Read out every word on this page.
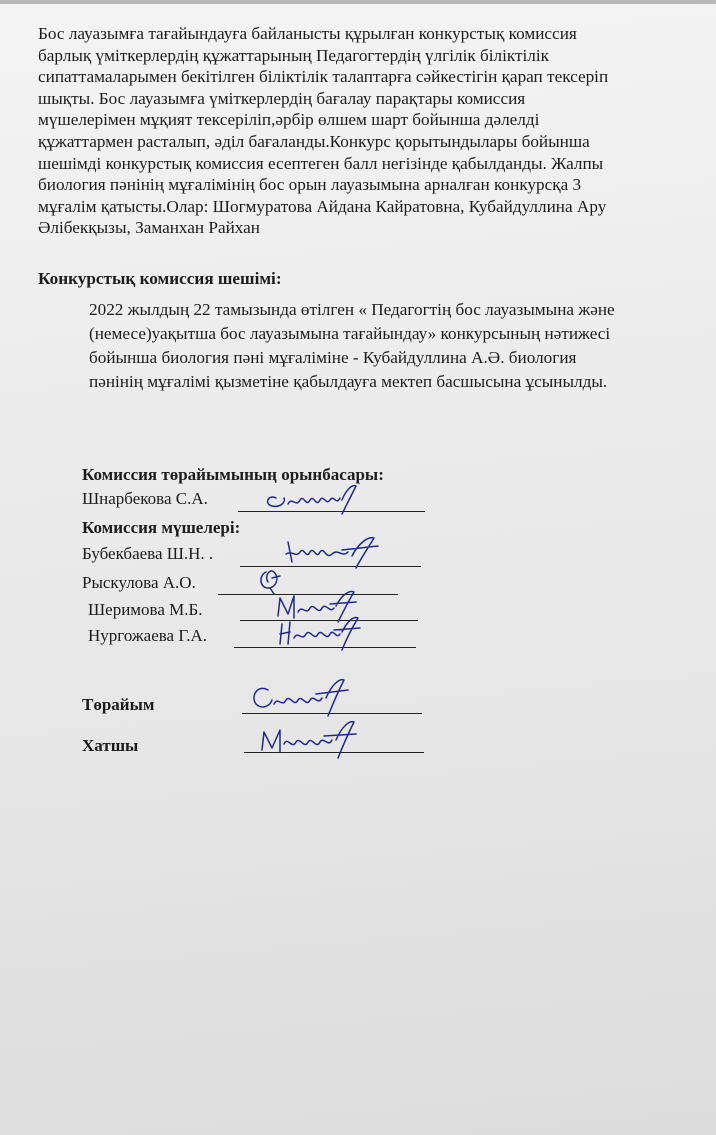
Бос лауазымға тағайындауға байланысты құрылған конкурстық комиссия
барлық үміткерлердің құжаттарының Педагогтердің үлгілік біліктілік
сипаттамаларымен бекітілген біліктілік талаптарға сәйкестігін қарап тексеріп
шықты. Бос лауазымға үміткерлердің бағалау парақтары комиссия
мүшелерімен мұқият тексеріліп,әрбір өлшем шарт бойынша дәлелді
құжаттармен расталып, әділ бағаланды.Конкурс қорытындылары бойынша
шешімді конкурстық комиссия есептеген балл негізінде қабылданды. Жалпы
биология пәнінің мұғалімінің бос орын лауазымына арналған конкурсқа 3
мұғалім қатысты.Олар: Шогмуратова Айдана Кайратовна, Кубайдуллина Ару
Әлібекқызы, Заманхан Райхан
Конкурстық комиссия шешімі:
2022 жылдың 22 тамызында өтілген « Педагогтің бос лауазымына және
(немесе)уақытша бос лауазымына тағайындау» конкурсының нәтижесі
бойынша биология пәні мұғаліміне - Кубайдуллина А.Ә. биология
пәнінің мұғалімі қызметіне қабылдауға мектеп басшысына ұсынылды.
Комиссия төрайымының орынбасары:
Шнарбекова С.А.
Комиссия мүшелері:
Бубекбаева Ш.Н. .
Рыскулова А.О.
Шеримова М.Б.
Нургожаева Г.А.
Төрайым
Хатшы
